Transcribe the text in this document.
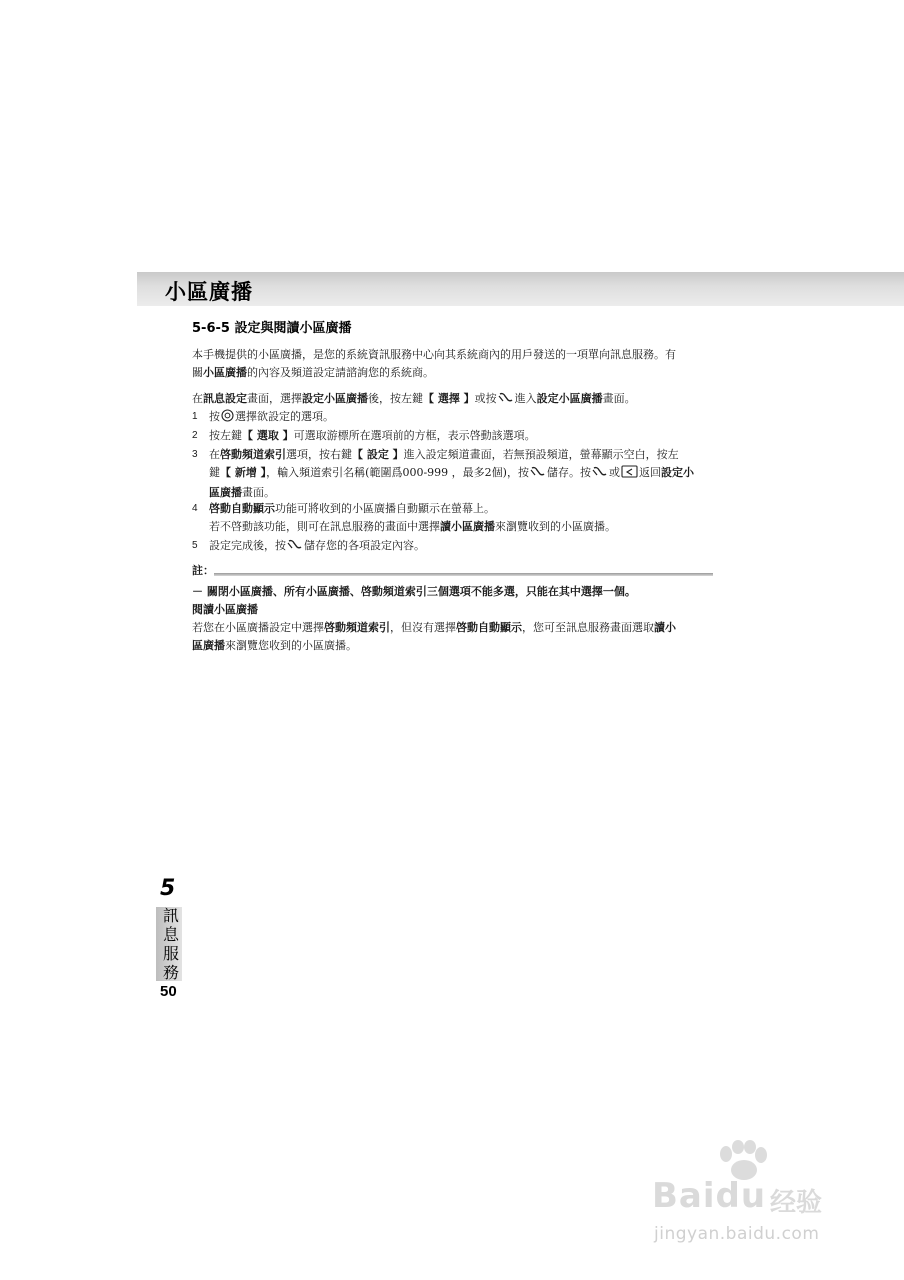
小區廣播
5-6-5 設定與閱讀小區廣播
本手機提供的小區廣播，是您的系統資訊服務中心向其系統商內的用戶發送的一項單向訊息服務。有
關小區廣播的內容及頻道設定請諮詢您的系統商。
在訊息設定畫面，選擇設定小區廣播後，按左鍵【 選擇 】或按 進入設定小區廣播畫面。
1	按 選擇欲設定的選項。
2	按左鍵【 選取 】可選取游標所在選項前的方框，表示啓動該選項。
3	在啓動頻道索引選項，按右鍵【 設定 】進入設定頻道畫面，若無預設頻道，螢幕顯示空白，按左
鍵【 新增 】，輸入頻道索引名稱(範圍爲000-999 ，最多2個)，按 儲存。按 或 返回設定小
區廣播畫面。
4	啓動自動顯示功能可將收到的小區廣播自動顯示在螢幕上。
若不啓動該功能，則可在訊息服務的畫面中選擇讀小區廣播來瀏覽收到的小區廣播。
5	設定完成後，按 儲存您的各項設定內容。
註：
－ 關閉小區廣播、所有小區廣播、啓動頻道索引三個選項不能多選，只能在其中選擇一個。
閱讀小區廣播
若您在小區廣播設定中選擇啓動頻道索引，但沒有選擇啓動自動顯示，您可至訊息服務畫面選取讀小
區廣播來瀏覽您收到的小區廣播。
5
訊息服務
50
Baidu 经验
jingyan.baidu.com
